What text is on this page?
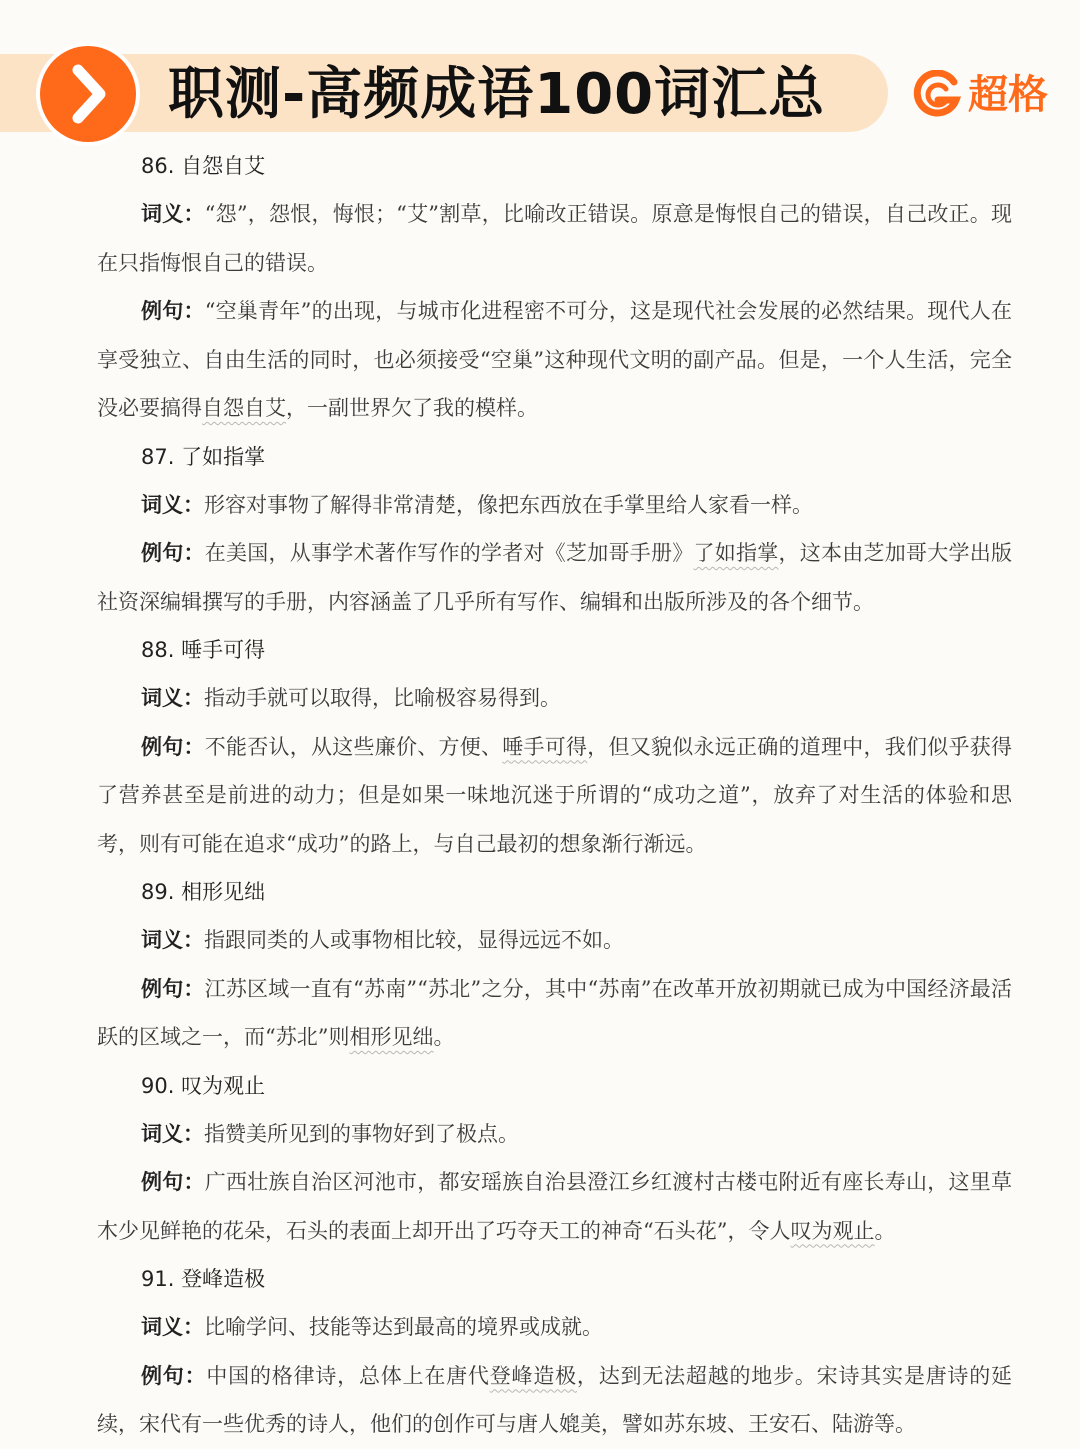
职测-高频成语100词汇总	超格
86. 自怨自艾

词义：“怨”，怨恨，悔恨；“艾”割草，比喻改正错误。原意是悔恨自己的错误，自己改正。现在只指悔恨自己的错误。

例句：“空巢青年”的出现，与城市化进程密不可分，这是现代社会发展的必然结果。现代人在享受独立、自由生活的同时，也必须接受“空巢”这种现代文明的副产品。但是，一个人生活，完全没必要搞得自怨自艾，一副世界欠了我的模样。

87. 了如指掌

词义：形容对事物了解得非常清楚，像把东西放在手掌里给人家看一样。

例句：在美国，从事学术著作写作的学者对《芝加哥手册》了如指掌，这本由芝加哥大学出版社资深编辑撰写的手册，内容涵盖了几乎所有写作、编辑和出版所涉及的各个细节。

88. 唾手可得

词义：指动手就可以取得，比喻极容易得到。

例句：不能否认，从这些廉价、方便、唾手可得，但又貌似永远正确的道理中，我们似乎获得了营养甚至是前进的动力；但是如果一味地沉迷于所谓的“成功之道”，放弃了对生活的体验和思考，则有可能在追求“成功”的路上，与自己最初的想象渐行渐远。

89. 相形见绌

词义：指跟同类的人或事物相比较，显得远远不如。

例句：江苏区域一直有“苏南”“苏北”之分，其中“苏南”在改革开放初期就已成为中国经济最活跃的区域之一，而“苏北”则相形见绌。

90. 叹为观止

词义：指赞美所见到的事物好到了极点。

例句：广西壮族自治区河池市，都安瑶族自治县澄江乡红渡村古楼屯附近有座长寿山，这里草木少见鲜艳的花朵，石头的表面上却开出了巧夺天工的神奇“石头花”，令人叹为观止。

91. 登峰造极

词义：比喻学问、技能等达到最高的境界或成就。

例句：中国的格律诗，总体上在唐代登峰造极，达到无法超越的地步。宋诗其实是唐诗的延续，宋代有一些优秀的诗人，他们的创作可与唐人媲美，譬如苏东坡、王安石、陆游等。
